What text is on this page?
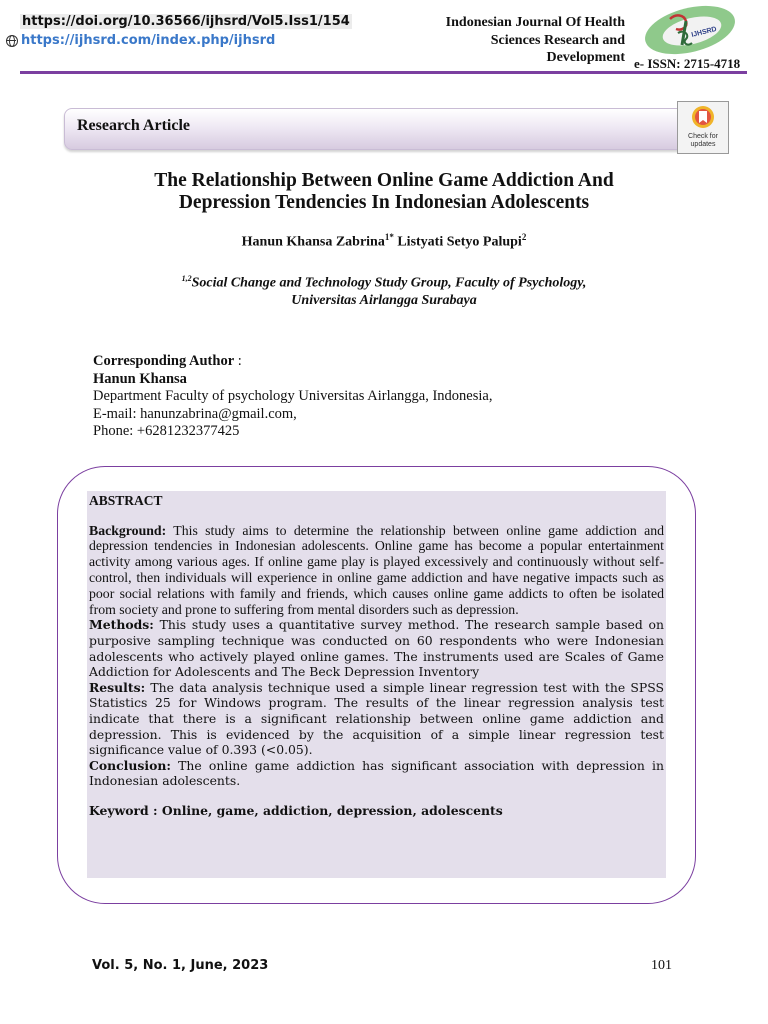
https://doi.org/10.36566/ijhsrd/Vol5.Iss1/154
https://ijhsrd.com/index.php/ijhsrd
Indonesian Journal Of Health
Sciences Research and
Development
IJHSRD
e- ISSN: 2715-4718
Research Article
Check for
updates
The Relationship Between Online Game Addiction And
Depression Tendencies In Indonesian Adolescents
Hanun Khansa Zabrina$^{1*}$ Listyati Setyo Palupi$^2$
$^{1,2}$Social Change and Technology Study Group, Faculty of Psychology,
Universitas Airlangga Surabaya
Corresponding Author :
Hanun Khansa
Department Faculty of psychology Universitas Airlangga, Indonesia,
E-mail: hanunzabrina@gmail.com,
Phone: +6281232377425
ABSTRACT

Background: This study aims to determine the relationship between online game addiction and depression tendencies in Indonesian adolescents. Online game has become a popular entertainment activity among various ages. If online game play is played excessively and continuously without self-control, then individuals will experience in online game addiction and have negative impacts such as poor social relations with family and friends, which causes online game addicts to often be isolated from society and prone to suffering from mental disorders such as depression.

Methods: This study uses a quantitative survey method. The research sample based on purposive sampling technique was conducted on 60 respondents who were Indonesian adolescents who actively played online games. The instruments used are Scales of Game Addiction for Adolescents and The Beck Depression Inventory

Results: The data analysis technique used a simple linear regression test with the SPSS Statistics 25 for Windows program. The results of the linear regression analysis test indicate that there is a significant relationship between online game addiction and depression. This is evidenced by the acquisition of a simple linear regression test significance value of 0.393 (<0.05).

Conclusion: The online game addiction has significant association with depression in Indonesian adolescents.

Keyword : Online, game, addiction, depression, adolescents

Vol. 5, No. 1, June, 2023	101
